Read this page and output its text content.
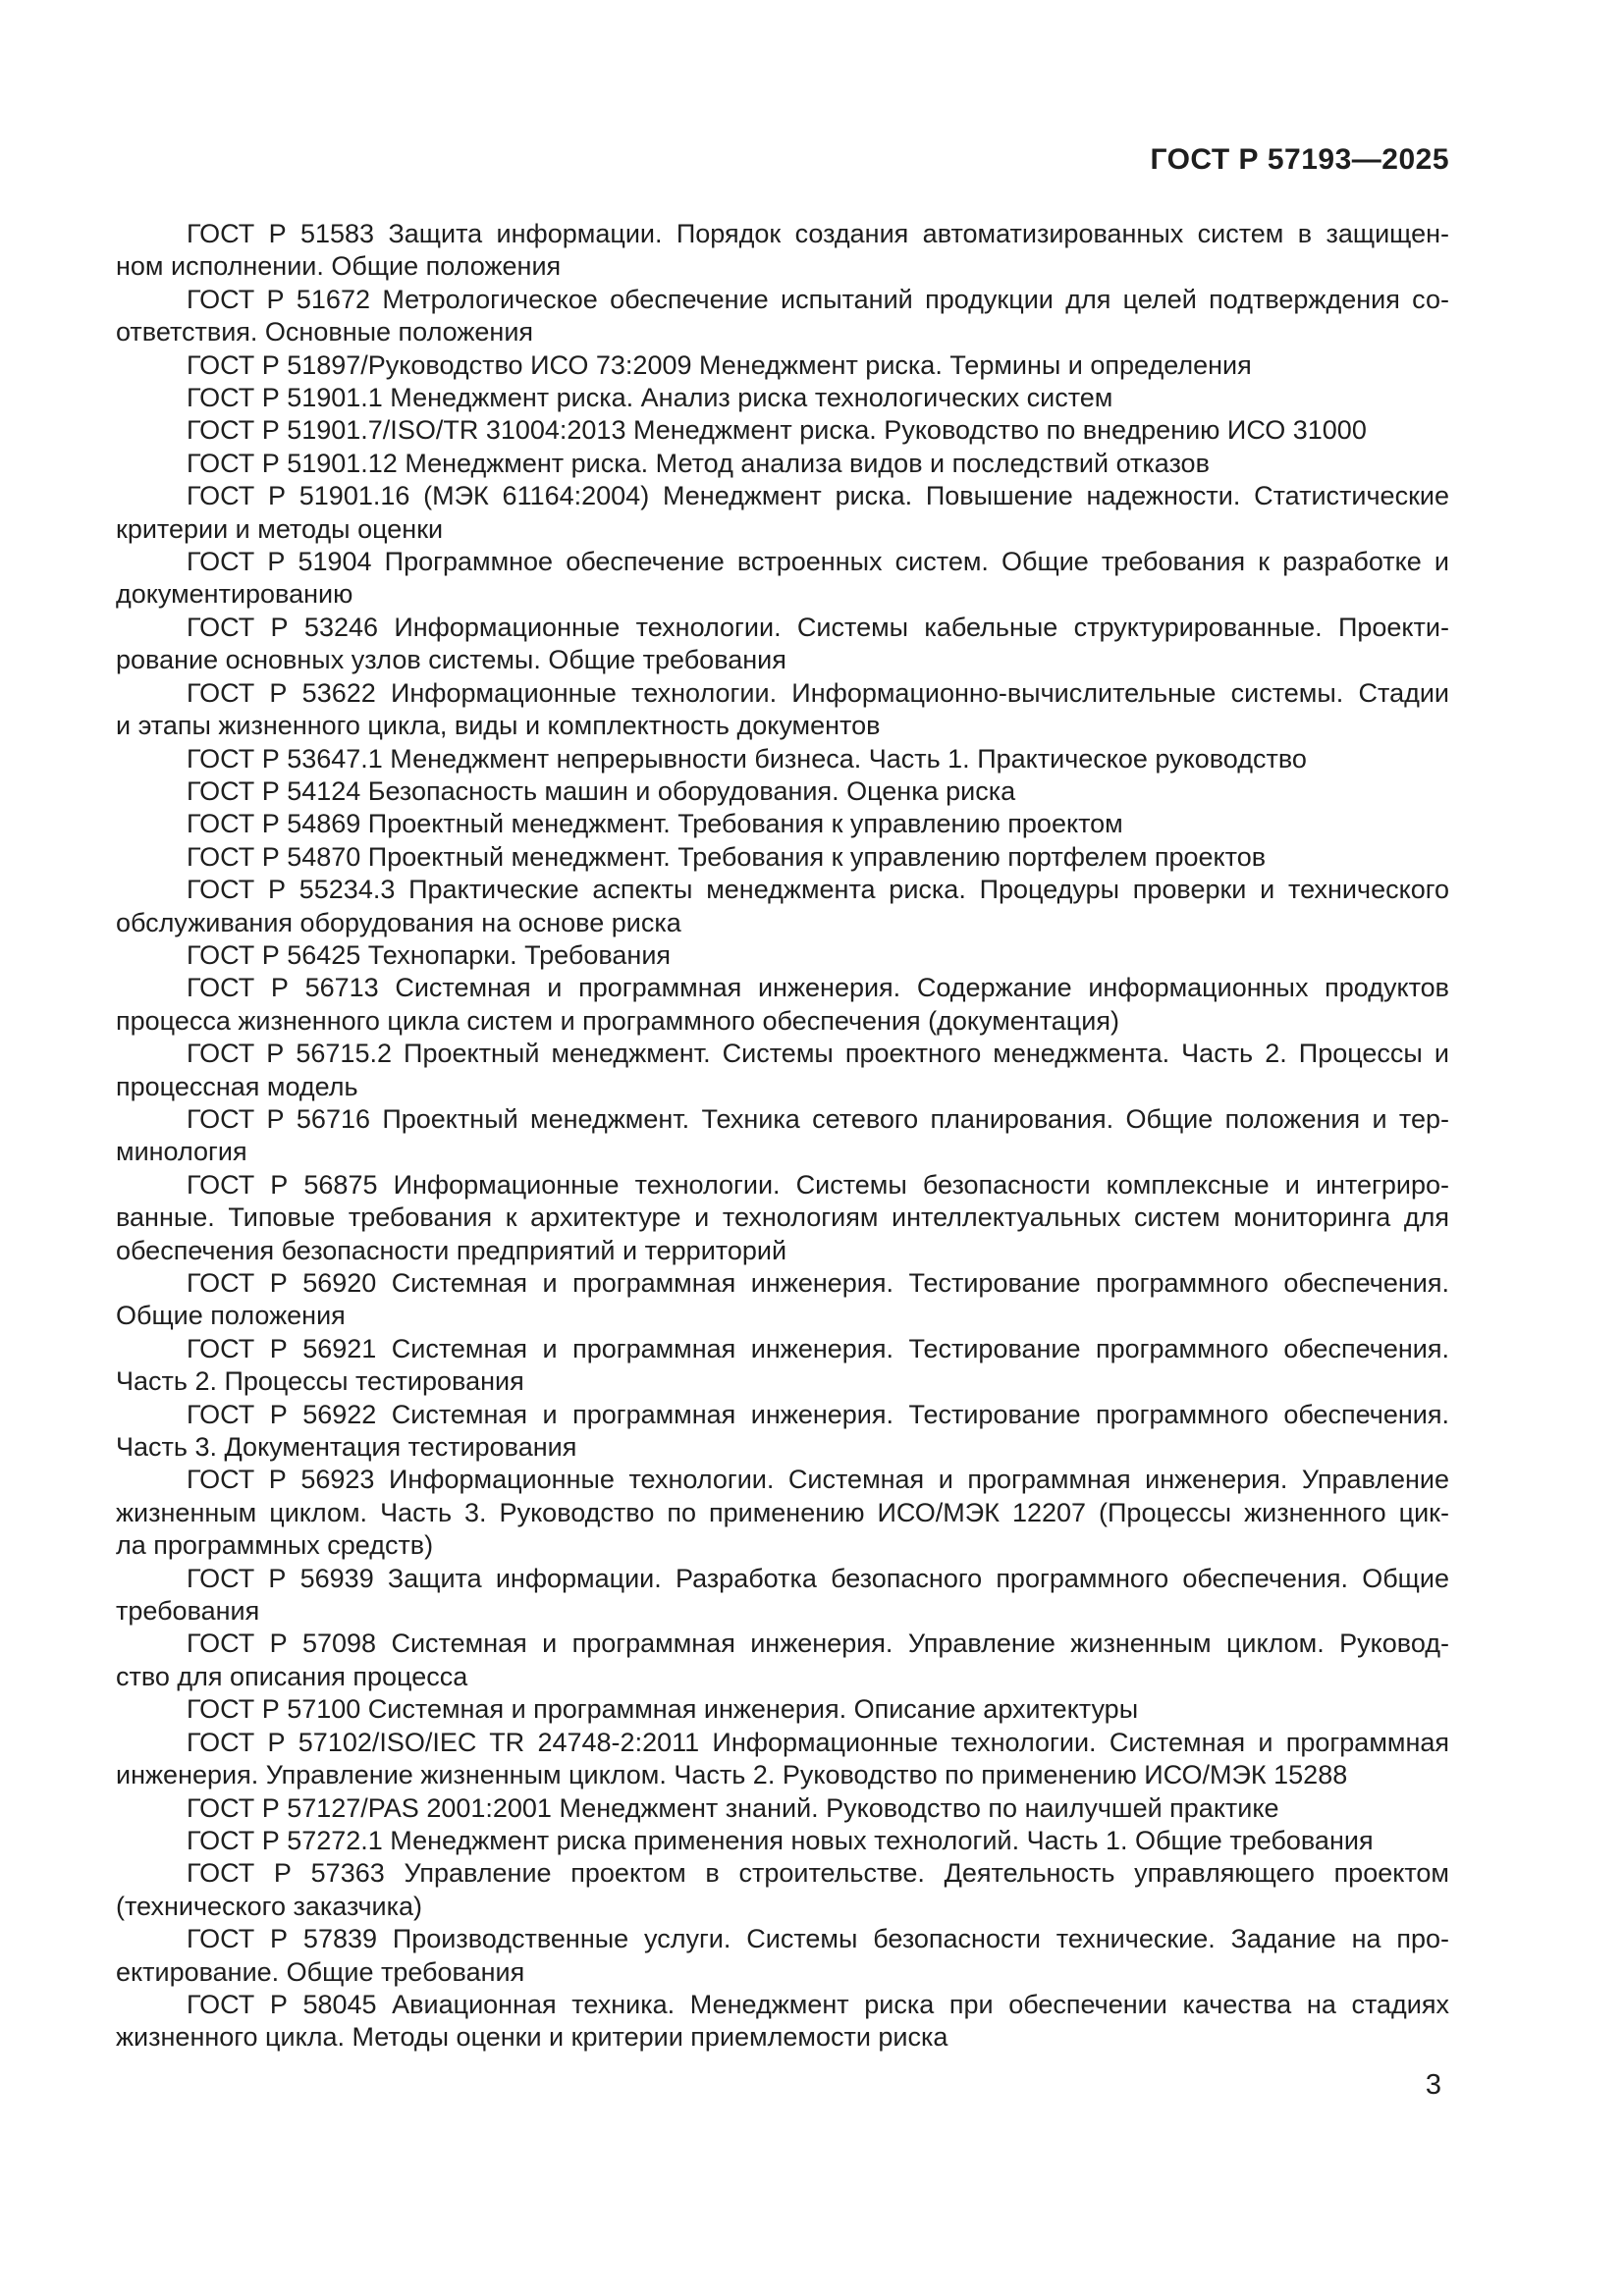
ГОСТ Р 57193—2025
ГОСТ Р 51583 Защита информации. Порядок создания автоматизированных систем в защищен-
ном исполнении. Общие положения
ГОСТ Р 51672 Метрологическое обеспечение испытаний продукции для целей подтверждения со-
ответствия. Основные положения
ГОСТ Р 51897/Руководство ИСО 73:2009 Менеджмент риска. Термины и определения
ГОСТ Р 51901.1 Менеджмент риска. Анализ риска технологических систем
ГОСТ Р 51901.7/ISO/TR 31004:2013 Менеджмент риска. Руководство по внедрению ИСО 31000
ГОСТ Р 51901.12 Менеджмент риска. Метод анализа видов и последствий отказов
ГОСТ Р 51901.16 (МЭК 61164:2004) Менеджмент риска. Повышение надежности. Статистические
критерии и методы оценки
ГОСТ Р 51904 Программное обеспечение встроенных систем. Общие требования к разработке и
документированию
ГОСТ Р 53246 Информационные технологии. Системы кабельные структурированные. Проекти-
рование основных узлов системы. Общие требования
ГОСТ Р 53622 Информационные технологии. Информационно-вычислительные системы. Стадии
и этапы жизненного цикла, виды и комплектность документов
ГОСТ Р 53647.1 Менеджмент непрерывности бизнеса. Часть 1. Практическое руководство
ГОСТ Р 54124 Безопасность машин и оборудования. Оценка риска
ГОСТ Р 54869 Проектный менеджмент. Требования к управлению проектом
ГОСТ Р 54870 Проектный менеджмент. Требования к управлению портфелем проектов
ГОСТ Р 55234.3 Практические аспекты менеджмента риска. Процедуры проверки и технического
обслуживания оборудования на основе риска
ГОСТ Р 56425 Технопарки. Требования
ГОСТ Р 56713 Системная и программная инженерия. Содержание информационных продуктов
процесса жизненного цикла систем и программного обеспечения (документация)
ГОСТ Р 56715.2 Проектный менеджмент. Системы проектного менеджмента. Часть 2. Процессы и
процессная модель
ГОСТ Р 56716 Проектный менеджмент. Техника сетевого планирования. Общие положения и тер-
минология
ГОСТ Р 56875 Информационные технологии. Системы безопасности комплексные и интегриро-
ванные. Типовые требования к архитектуре и технологиям интеллектуальных систем мониторинга для
обеспечения безопасности предприятий и территорий
ГОСТ Р 56920 Системная и программная инженерия. Тестирование программного обеспечения.
Общие положения
ГОСТ Р 56921 Системная и программная инженерия. Тестирование программного обеспечения.
Часть 2. Процессы тестирования
ГОСТ Р 56922 Системная и программная инженерия. Тестирование программного обеспечения.
Часть 3. Документация тестирования
ГОСТ Р 56923 Информационные технологии. Системная и программная инженерия. Управление
жизненным циклом. Часть 3. Руководство по применению ИСО/МЭК 12207 (Процессы жизненного цик-
ла программных средств)
ГОСТ Р 56939 Защита информации. Разработка безопасного программного обеспечения. Общие
требования
ГОСТ Р 57098 Системная и программная инженерия. Управление жизненным циклом. Руковод-
ство для описания процесса
ГОСТ Р 57100 Системная и программная инженерия. Описание архитектуры
ГОСТ Р 57102/ISO/IEC TR 24748-2:2011 Информационные технологии. Системная и программная
инженерия. Управление жизненным циклом. Часть 2. Руководство по применению ИСО/МЭК 15288
ГОСТ Р 57127/PAS 2001:2001 Менеджмент знаний. Руководство по наилучшей практике
ГОСТ Р 57272.1 Менеджмент риска применения новых технологий. Часть 1. Общие требования
ГОСТ Р 57363 Управление проектом в строительстве. Деятельность управляющего проектом
(технического заказчика)
ГОСТ Р 57839 Производственные услуги. Системы безопасности технические. Задание на про-
ектирование. Общие требования
ГОСТ Р 58045 Авиационная техника. Менеджмент риска при обеспечении качества на стадиях
жизненного цикла. Методы оценки и критерии приемлемости риска
3
